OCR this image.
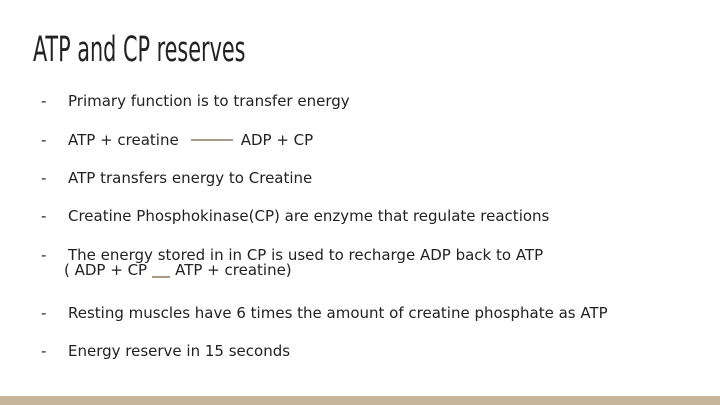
ATP and CP reserves
- Primary function is to transfer energy
- ATP + creatine	ADP + CP
- ATP transfers energy to Creatine
- Creatine Phosphokinase(CP) are enzyme that regulate reactions
- The energy stored in in CP is used to recharge ADP back to ATP
( ADP + CP ATP + creatine)
- Resting muscles have 6 times the amount of creatine phosphate as ATP
- Energy reserve in 15 seconds
